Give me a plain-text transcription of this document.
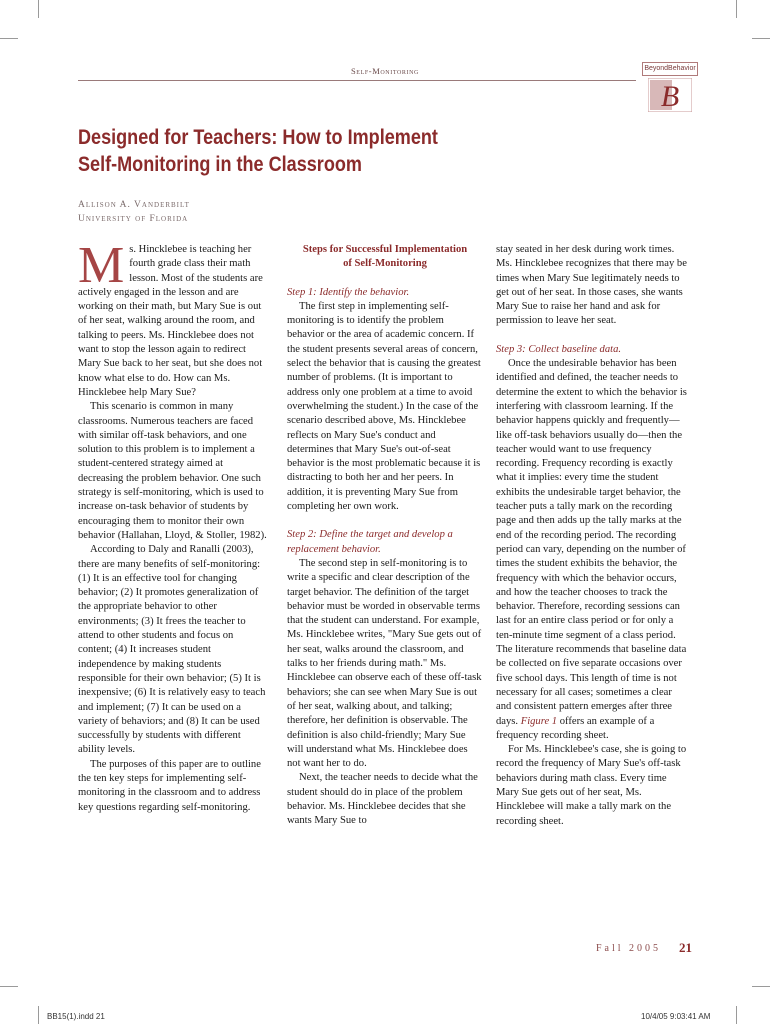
Self-Monitoring	BeyondBehavior
B
Designed for Teachers: How to Implement
Self-Monitoring in the Classroom
Allison A. Vanderbilt
University of Florida

Ms. Hincklebee is teaching her fourth grade class their math lesson. Most of the students are actively engaged in the lesson and are working on their math, but Mary Sue is out of her seat, walking around the room, and talking to peers. Ms. Hincklebee does not want to stop the lesson again to redirect Mary Sue back to her seat, but she does not know what else to do. How can Ms. Hincklebee help Mary Sue?

This scenario is common in many classrooms. Numerous teachers are faced with similar off-task behaviors, and one solution to this problem is to implement a student-centered strategy aimed at decreasing the problem behavior. One such strategy is self-monitoring, which is used to increase on-task behavior of students by encouraging them to monitor their own behavior (Hallahan, Lloyd, & Stoller, 1982).

According to Daly and Ranalli (2003), there are many benefits of self-monitoring: (1) It is an effective tool for changing behavior; (2) It promotes generalization of the appropriate behavior to other environments; (3) It frees the teacher to attend to other students and focus on content; (4) It increases student independence by making students responsible for their own behavior; (5) It is inexpensive; (6) It is relatively easy to teach and implement; (7) It can be used on a variety of behaviors; and (8) It can be used successfully by students with different ability levels.

The purposes of this paper are to outline the ten key steps for implementing self-monitoring in the classroom and to address key questions regarding self-monitoring.

Steps for Successful Implementation
of Self-Monitoring

Step 1: Identify the behavior.

The first step in implementing self-monitoring is to identify the problem behavior or the area of academic concern. If the student presents several areas of concern, select the behavior that is causing the greatest number of problems. (It is important to address only one problem at a time to avoid overwhelming the student.) In the case of the scenario described above, Ms. Hincklebee reflects on Mary Sue's conduct and determines that Mary Sue's out-of-seat behavior is the most problematic because it is distracting to both her and her peers. In addition, it is preventing Mary Sue from completing her own work.

Step 2: Define the target and develop a replacement behavior.

The second step in self-monitoring is to write a specific and clear description of the target behavior. The definition of the target behavior must be worded in observable terms that the student can understand. For example, Ms. Hincklebee writes, "Mary Sue gets out of her seat, walks around the classroom, and talks to her friends during math." Ms. Hincklebee can observe each of these off-task behaviors; she can see when Mary Sue is out of her seat, walking about, and talking; therefore, her definition is observable. The definition is also child-friendly; Mary Sue will understand what Ms. Hincklebee does not want her to do.

Next, the teacher needs to decide what the student should do in place of the problem behavior. Ms. Hincklebee decides that she wants Mary Sue to

stay seated in her desk during work times. Ms. Hincklebee recognizes that there may be times when Mary Sue legitimately needs to get out of her seat. In those cases, she wants Mary Sue to raise her hand and ask for permission to leave her seat.

Step 3: Collect baseline data.

Once the undesirable behavior has been identified and defined, the teacher needs to determine the extent to which the behavior is interfering with classroom learning. If the behavior happens quickly and frequently—like off-task behaviors usually do—then the teacher would want to use frequency recording. Frequency recording is exactly what it implies: every time the student exhibits the undesirable target behavior, the teacher puts a tally mark on the recording page and then adds up the tally marks at the end of the recording period. The recording period can vary, depending on the number of times the student exhibits the behavior, the frequency with which the behavior occurs, and how the teacher chooses to track the behavior. Therefore, recording sessions can last for an entire class period or for only a ten-minute time segment of a class period. The literature recommends that baseline data be collected on five separate occasions over five school days. This length of time is not necessary for all cases; sometimes a clear and consistent pattern emerges after three days. Figure 1 offers an example of a frequency recording sheet.

For Ms. Hincklebee's case, she is going to record the frequency of Mary Sue's off-task behaviors during math class. Every time Mary Sue gets out of her seat, Ms. Hincklebee will make a tally mark on the recording sheet.

Fall 2005 21
BB15(1).indd 21	10/4/05 9:03:41 AM
